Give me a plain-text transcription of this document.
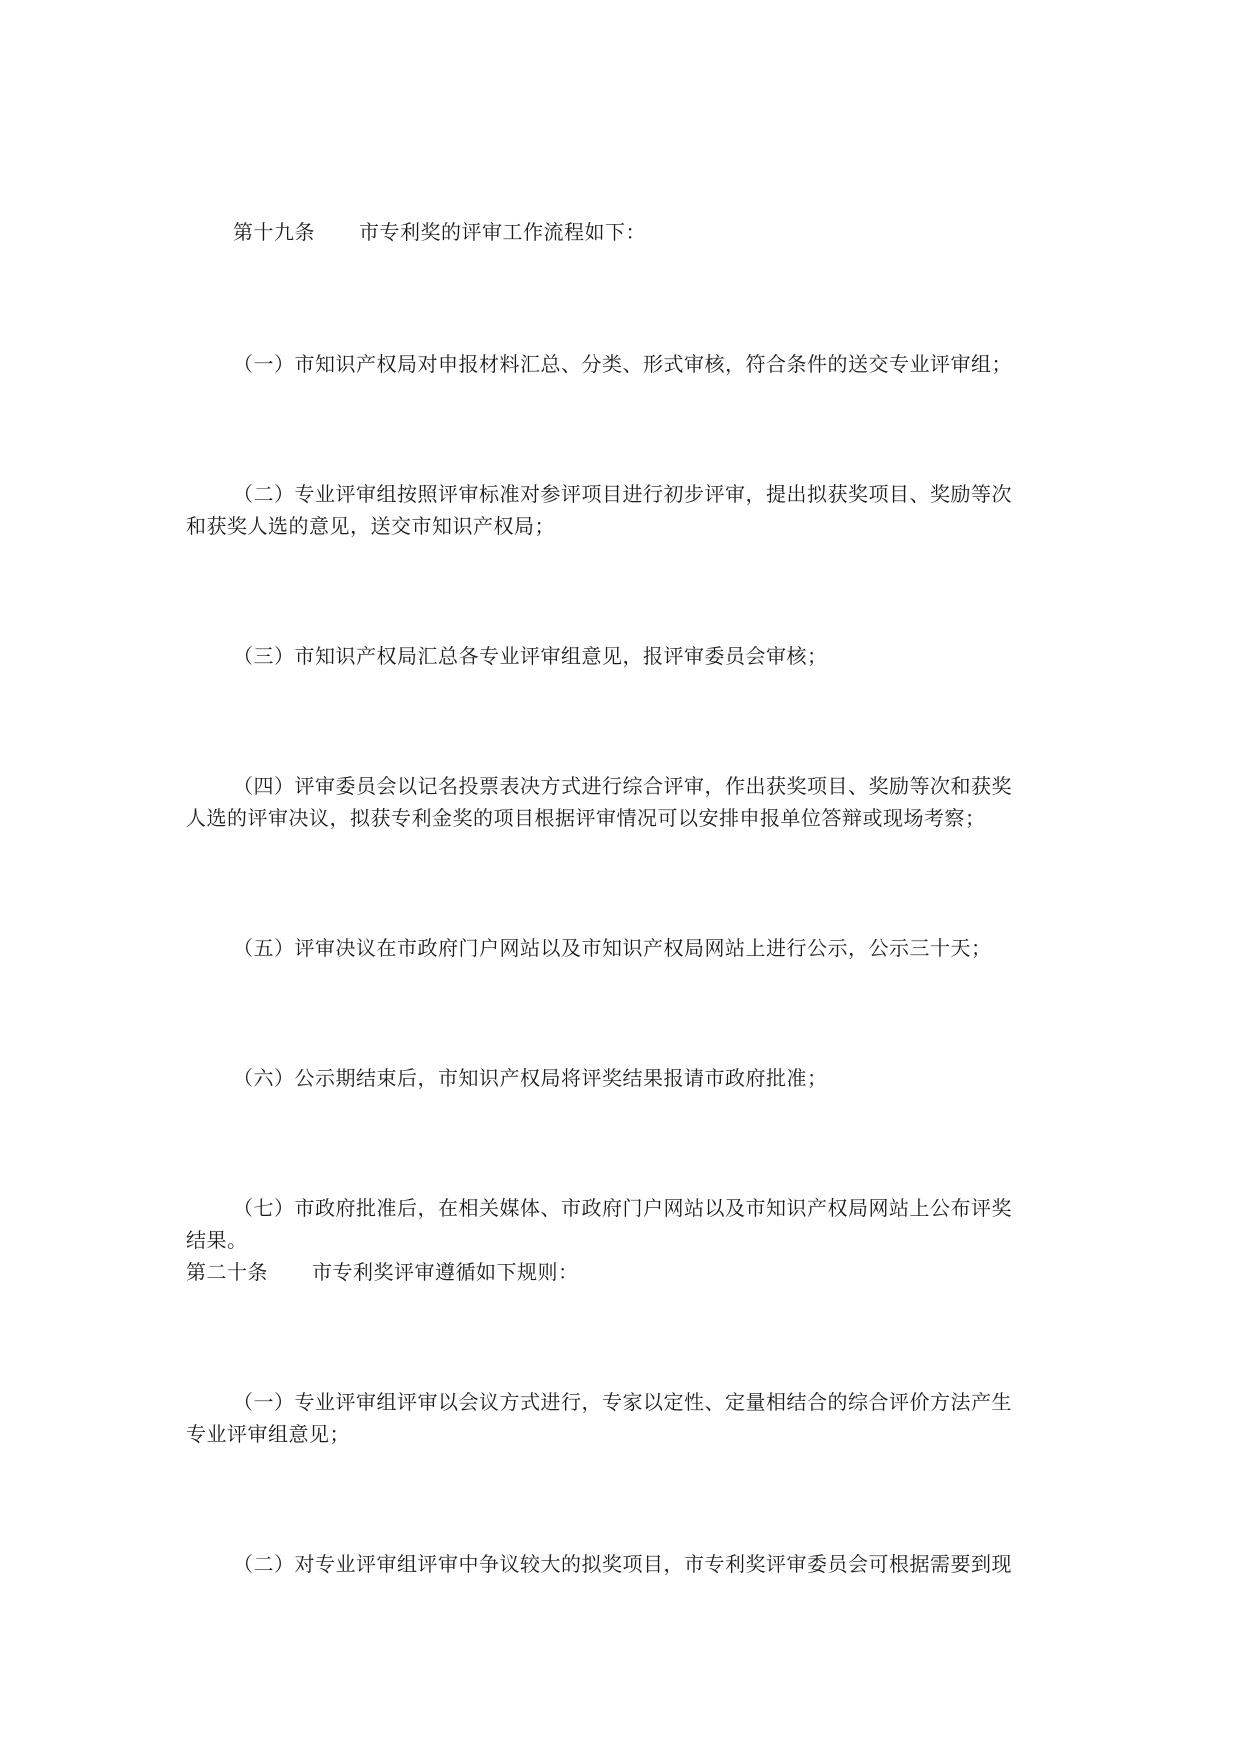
第十九条 市专利奖的评审工作流程如下：
（一）市知识产权局对申报材料汇总、分类、形式审核，符合条件的送交专业评审组；
（二）专业评审组按照评审标准对参评项目进行初步评审，提出拟获奖项目、奖励等次
和获奖人选的意见，送交市知识产权局；
（三）市知识产权局汇总各专业评审组意见，报评审委员会审核；
（四）评审委员会以记名投票表决方式进行综合评审，作出获奖项目、奖励等次和获奖
人选的评审决议，拟获专利金奖的项目根据评审情况可以安排申报单位答辩或现场考察；
（五）评审决议在市政府门户网站以及市知识产权局网站上进行公示，公示三十天；
（六）公示期结束后，市知识产权局将评奖结果报请市政府批准；
（七）市政府批准后，在相关媒体、市政府门户网站以及市知识产权局网站上公布评奖
结果。
第二十条 市专利奖评审遵循如下规则：
（一）专业评审组评审以会议方式进行，专家以定性、定量相结合的综合评价方法产生
专业评审组意见；
（二）对专业评审组评审中争议较大的拟奖项目，市专利奖评审委员会可根据需要到现
